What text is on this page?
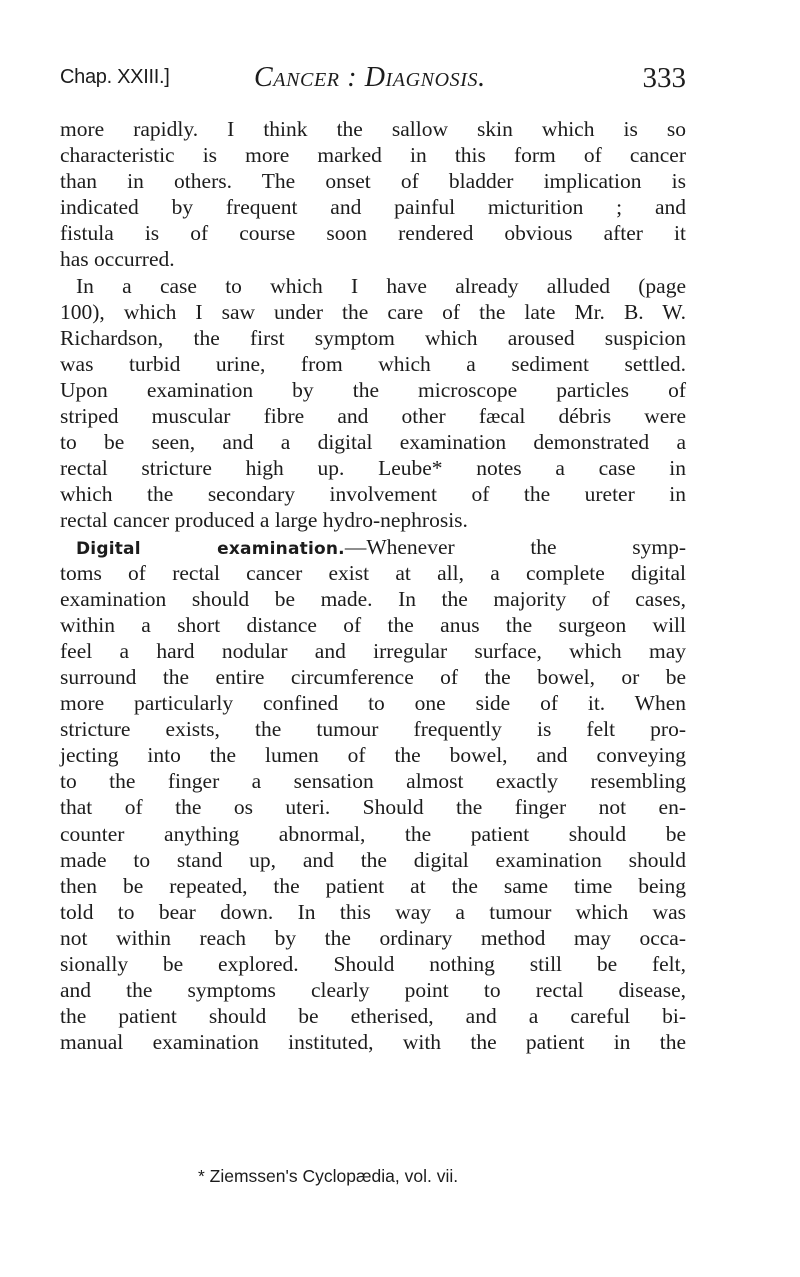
Chap. XXIII.]	Cancer : Diagnosis.	333
more rapidly. I think the sallow skin which is so
characteristic is more marked in this form of cancer
than in others. The onset of bladder implication is
indicated by frequent and painful micturition ; and
fistula is of course soon rendered obvious after it
has occurred.
In a case to which I have already alluded (page
100), which I saw under the care of the late Mr. B. W.
Richardson, the first symptom which aroused suspicion
was turbid urine, from which a sediment settled.
Upon examination by the microscope particles of
striped muscular fibre and other fæcal débris were
to be seen, and a digital examination demonstrated a
rectal stricture high up. Leube* notes a case in
which the secondary involvement of the ureter in
rectal cancer produced a large hydro-nephrosis.
Digital examination.—Whenever the symp-
toms of rectal cancer exist at all, a complete digital
examination should be made. In the majority of cases,
within a short distance of the anus the surgeon will
feel a hard nodular and irregular surface, which may
surround the entire circumference of the bowel, or be
more particularly confined to one side of it. When
stricture exists, the tumour frequently is felt pro-
jecting into the lumen of the bowel, and conveying
to the finger a sensation almost exactly resembling
that of the os uteri. Should the finger not en-
counter anything abnormal, the patient should be
made to stand up, and the digital examination should
then be repeated, the patient at the same time being
told to bear down. In this way a tumour which was
not within reach by the ordinary method may occa-
sionally be explored. Should nothing still be felt,
and the symptoms clearly point to rectal disease,
the patient should be etherised, and a careful bi-
manual examination instituted, with the patient in the
* Ziemssen's Cyclopædia, vol. vii.
